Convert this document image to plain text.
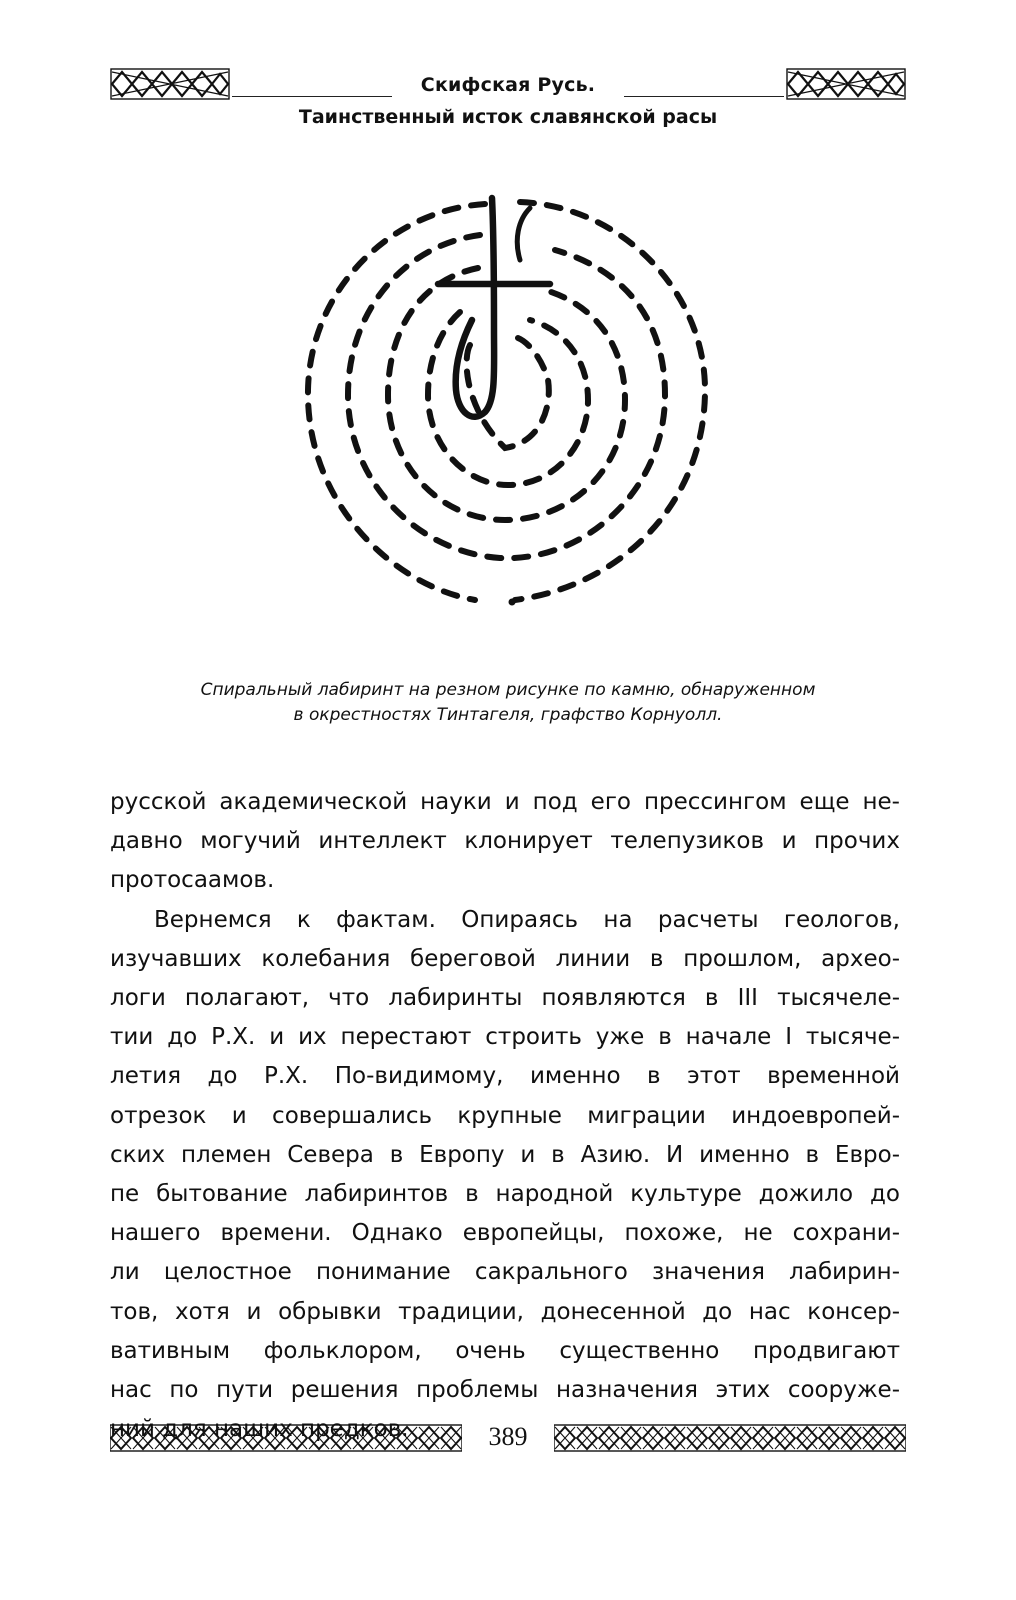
Скифская Русь.
Таинственный исток славянской расы
Спиральный лабиринт на резном рисунке по камню, обнаруженном
в окрестностях Тинтагеля, графство Корнуолл.

русской академической науки и под его прессингом еще не-
давно могучий интеллект клонирует телепузиков и прочих
протосаамов.

Вернемся к фактам. Опираясь на расчеты геологов,
изучавших колебания береговой линии в прошлом, архео-
логи полагают, что лабиринты появляются в III тысячеле-
тии до Р.Х. и их перестают строить уже в начале I тысяче-
летия до Р.Х. По-видимому, именно в этот временной
отрезок и совершались крупные миграции индоевропей-
ских племен Севера в Европу и в Азию. И именно в Евро-
пе бытование лабиринтов в народной культуре дожило до
нашего времени. Однако европейцы, похоже, не сохрани-
ли целостное понимание сакрального значения лабирин-
тов, хотя и обрывки традиции, донесенной до нас консер-
вативным фольклором, очень существенно продвигают
нас по пути решения проблемы назначения этих сооруже-

389
